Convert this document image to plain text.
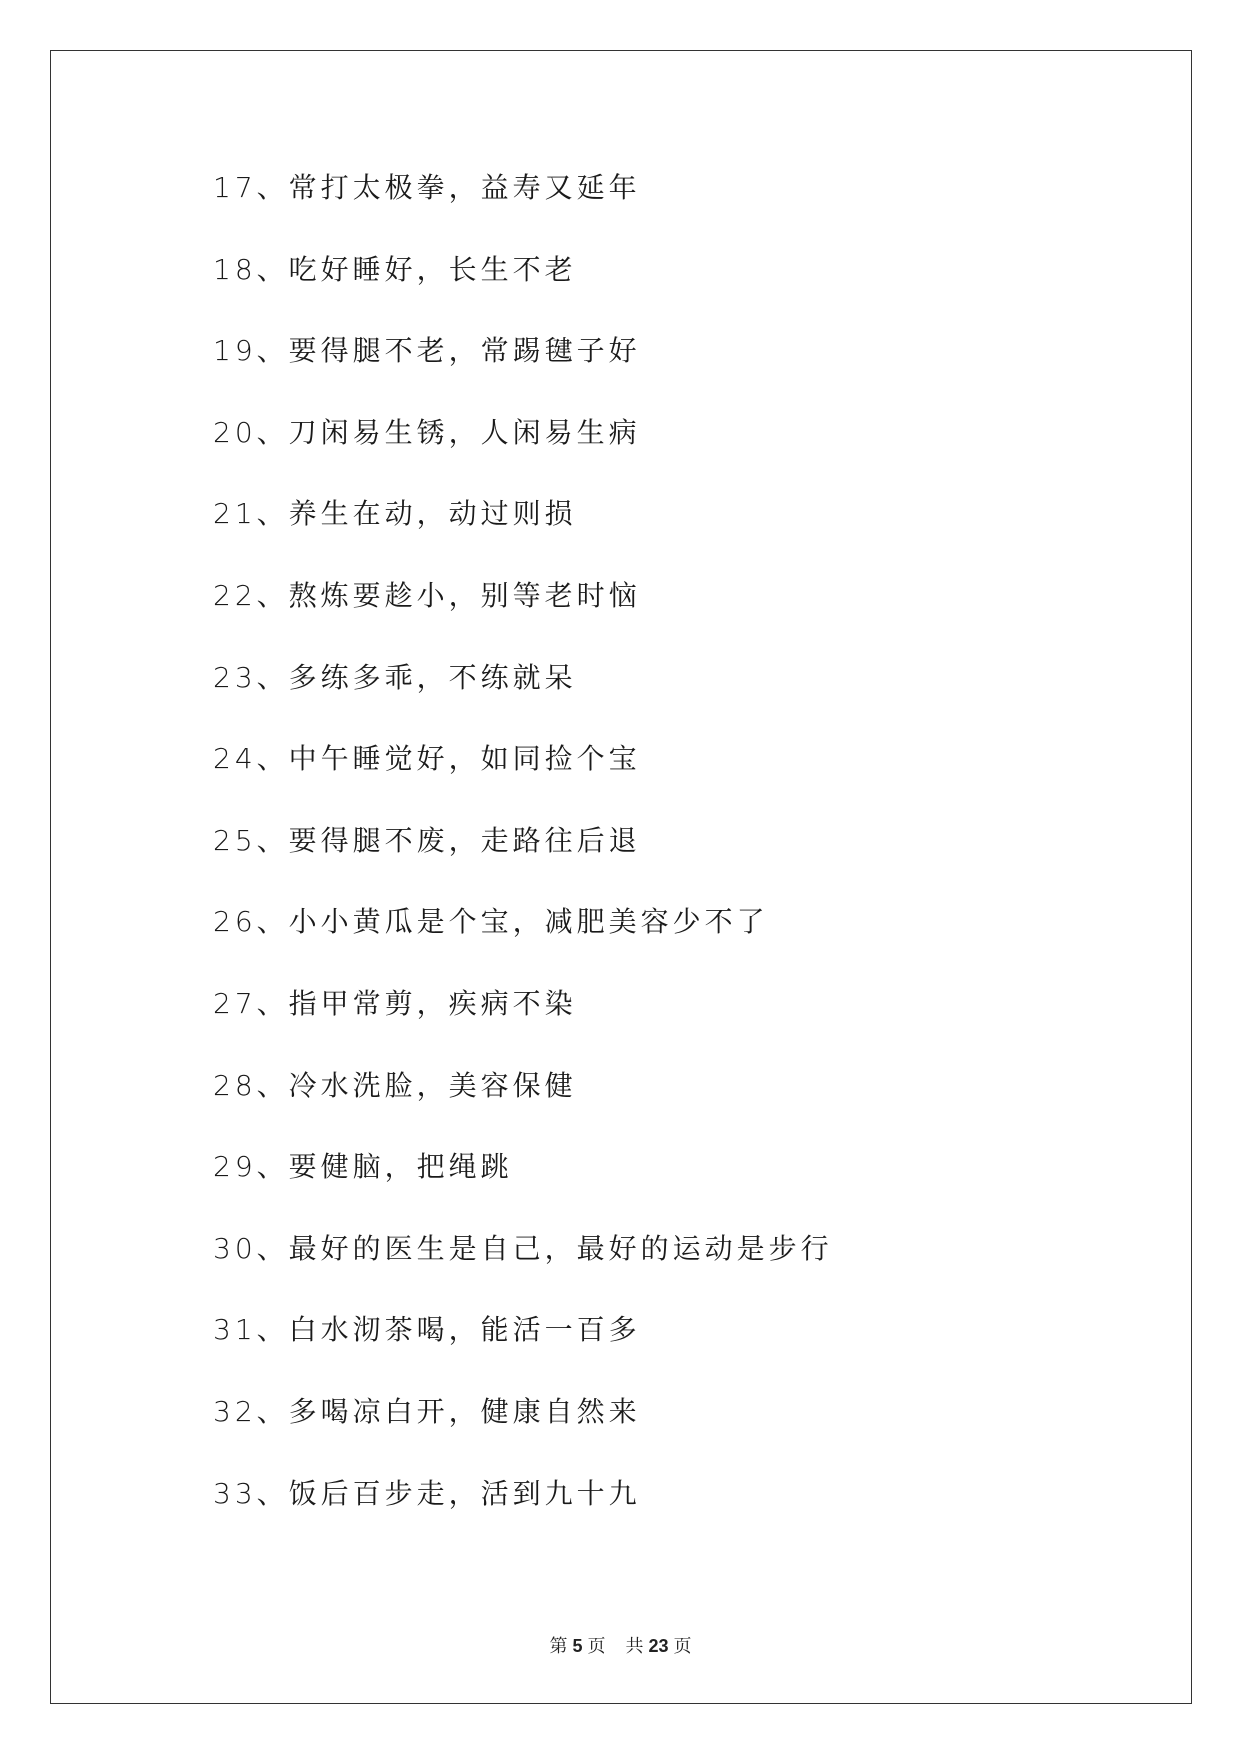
17、常打太极拳，益寿又延年
18、吃好睡好，长生不老
19、要得腿不老，常踢毽子好
20、刀闲易生锈，人闲易生病
21、养生在动，动过则损
22、熬炼要趁小，别等老时恼
23、多练多乖，不练就呆
24、中午睡觉好，如同捡个宝
25、要得腿不废，走路往后退
26、小小黄瓜是个宝，减肥美容少不了
27、指甲常剪，疾病不染
28、冷水洗脸，美容保健
29、要健脑，把绳跳
30、最好的医生是自己，最好的运动是步行
31、白水沏茶喝，能活一百多
32、多喝凉白开，健康自然来
33、饭后百步走，活到九十九
第 5 页 共 23 页
